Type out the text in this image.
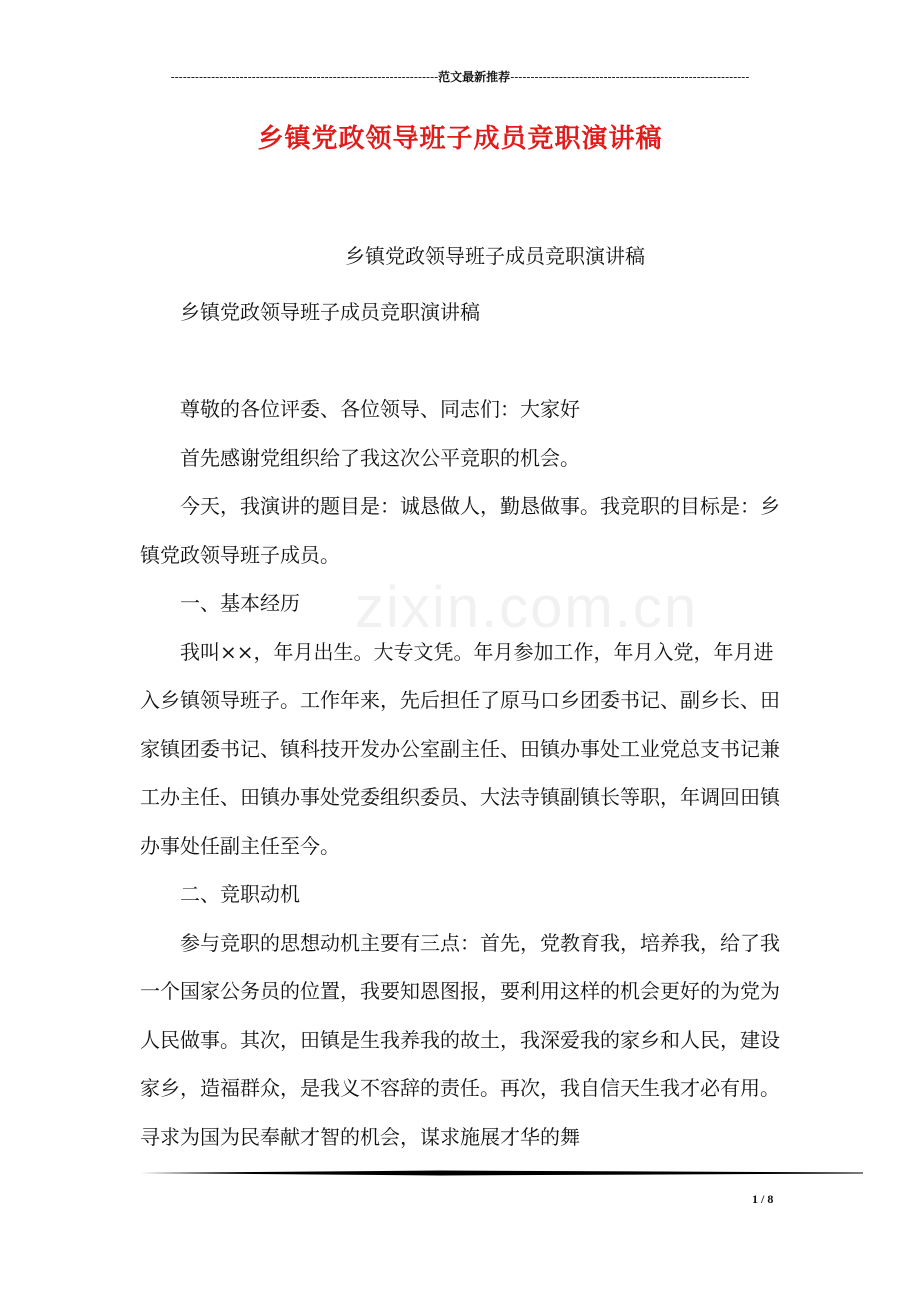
------------------------------------------------------------------范文最新推荐-----------------------------------------------------------
乡镇党政领导班子成员竞职演讲稿
zixin.com.cn
乡镇党政领导班子成员竞职演讲稿

乡镇党政领导班子成员竞职演讲稿

尊敬的各位评委、各位领导、同志们：大家好

首先感谢党组织给了我这次公平竞职的机会。

今天，我演讲的题目是：诚恳做人，勤恳做事。我竞职的目标是：乡镇党政领导班子成员。

一、基本经历

我叫××，年月出生。大专文凭。年月参加工作，年月入党，年月进入乡镇领导班子。工作年来，先后担任了原马口乡团委书记、副乡长、田家镇团委书记、镇科技开发办公室副主任、田镇办事处工业党总支书记兼工办主任、田镇办事处党委组织委员、大法寺镇副镇长等职，年调回田镇办事处任副主任至今。

二、竞职动机

参与竞职的思想动机主要有三点：首先，党教育我，培养我，给了我一个国家公务员的位置，我要知恩图报，要利用这样的机会更好的为党为人民做事。其次，田镇是生我养我的故土，我深爱我的家乡和人民，建设家乡，造福群众，是我义不容辞的责任。再次，我自信天生我才必有用。寻求为国为民奉献才智的机会，谋求施展才华的舞

1 / 8
